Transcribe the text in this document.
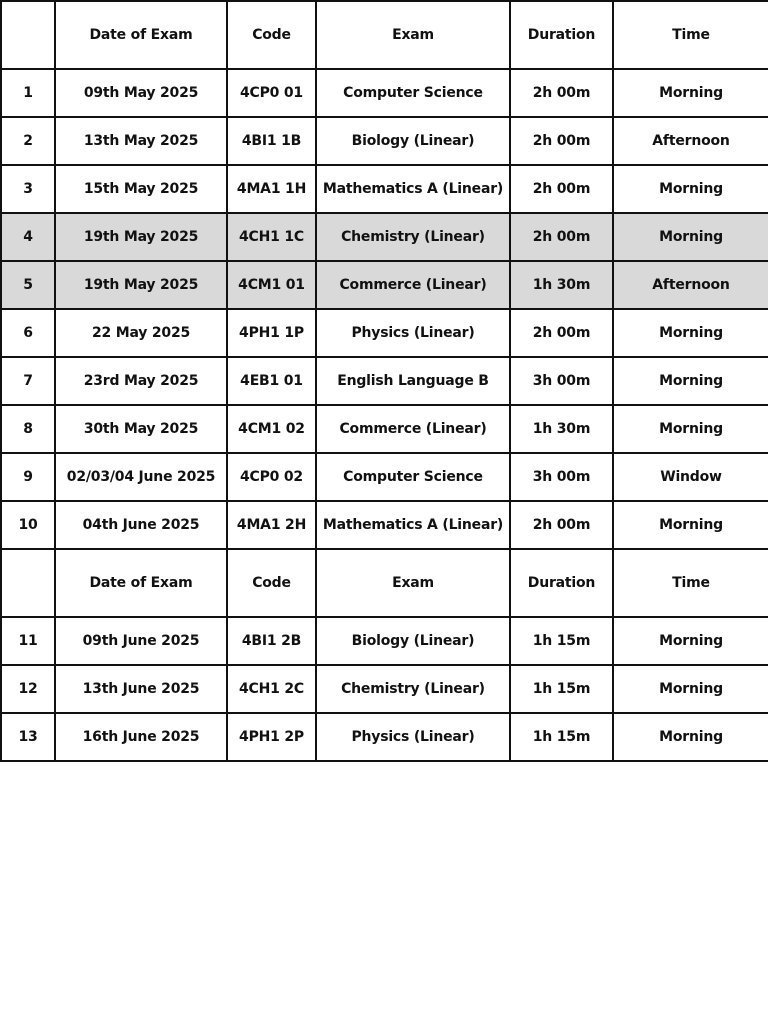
	Date of Exam	Code	Exam	Duration	Time
1	09th May 2025	4CP0 01	Computer Science	2h 00m	Morning
2	13th May 2025	4BI1 1B	Biology (Linear)	2h 00m	Afternoon
3	15th May 2025	4MA1 1H	Mathematics A (Linear)	2h 00m	Morning
4	19th May 2025	4CH1 1C	Chemistry (Linear)	2h 00m	Morning
5	19th May 2025	4CM1 01	Commerce (Linear)	1h 30m	Afternoon
6	22 May 2025	4PH1 1P	Physics (Linear)	2h 00m	Morning
7	23rd May 2025	4EB1 01	English Language B	3h 00m	Morning
8	30th May 2025	4CM1 02	Commerce (Linear)	1h 30m	Morning
9	02/03/04 June 2025	4CP0 02	Computer Science	3h 00m	Window
10	04th June 2025	4MA1 2H	Mathematics A (Linear)	2h 00m	Morning
	Date of Exam	Code	Exam	Duration	Time
11	09th June 2025	4BI1 2B	Biology (Linear)	1h 15m	Morning
12	13th June 2025	4CH1 2C	Chemistry (Linear)	1h 15m	Morning
13	16th June 2025	4PH1 2P	Physics (Linear)	1h 15m	Morning
